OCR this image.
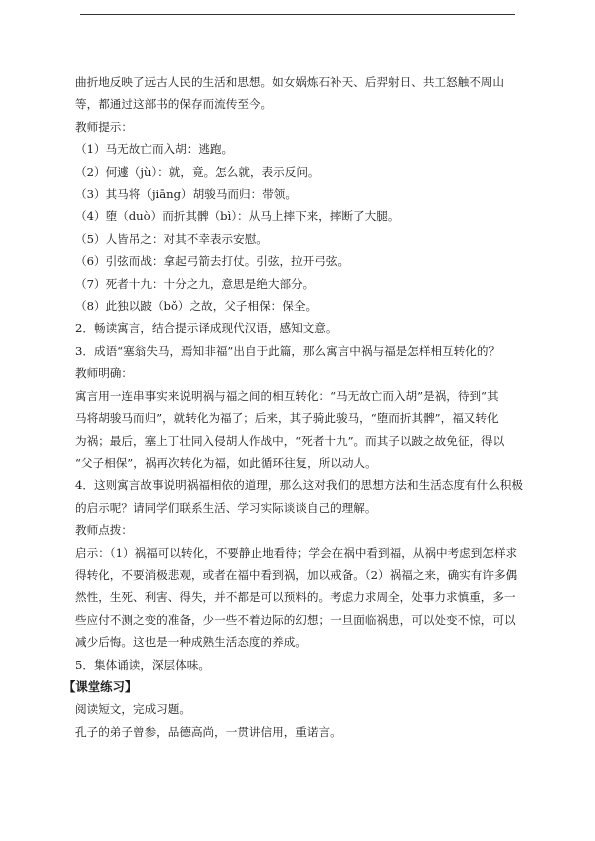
曲折地反映了远古人民的生活和思想。如女娲炼石补天、后羿射日、共工怒触不周山

等，都通过这部书的保存而流传至今。

教师提示：

（1）马无故亡而入胡：逃跑。

（2）何遽（jù）：就，竟。怎么就，表示反问。

（3）其马将（jiāng）胡骏马而归：带领。

（4）堕（duò）而折其髀（bì）：从马上摔下来，摔断了大腿。

（5）人皆吊之：对其不幸表示安慰。

（6）引弦而战：拿起弓箭去打仗。引弦，拉开弓弦。

（7）死者十九：十分之九，意思是绝大部分。

（8）此独以跛（bǒ）之故，父子相保：保全。

2．畅读寓言，结合提示译成现代汉语，感知文意。

3．成语“塞翁失马，焉知非福”出自于此篇，那么寓言中祸与福是怎样相互转化的？

教师明确：

寓言用一连串事实来说明祸与福之间的相互转化：“马无故亡而入胡”是祸，待到“其

马将胡骏马而归”，就转化为福了；后来，其子骑此骏马，“堕而折其髀”，福又转化

为祸；最后，塞上丁壮同入侵胡人作战中，“死者十九”。而其子以跛之故免征，得以

“父子相保”，祸再次转化为福，如此循环往复，所以动人。

4．这则寓言故事说明祸福相依的道理，那么这对我们的思想方法和生活态度有什么积极

的启示呢？请同学们联系生活、学习实际谈谈自己的理解。

教师点拨：

启示：（1）祸福可以转化，不要静止地看待；学会在祸中看到福，从祸中考虑到怎样求

得转化，不要消极悲观，或者在福中看到祸，加以戒备。（2）祸福之来，确实有许多偶

然性，生死、利害、得失，并不都是可以预料的。考虑力求周全，处事力求慎重，多一

些应付不测之变的准备，少一些不着边际的幻想；一旦面临祸患，可以处变不惊，可以

减少后悔。这也是一种成熟生活态度的养成。

5．集体诵读，深层体味。

【课堂练习】

阅读短文，完成习题。

孔子的弟子曾参，品德高尚，一贯讲信用，重诺言。
